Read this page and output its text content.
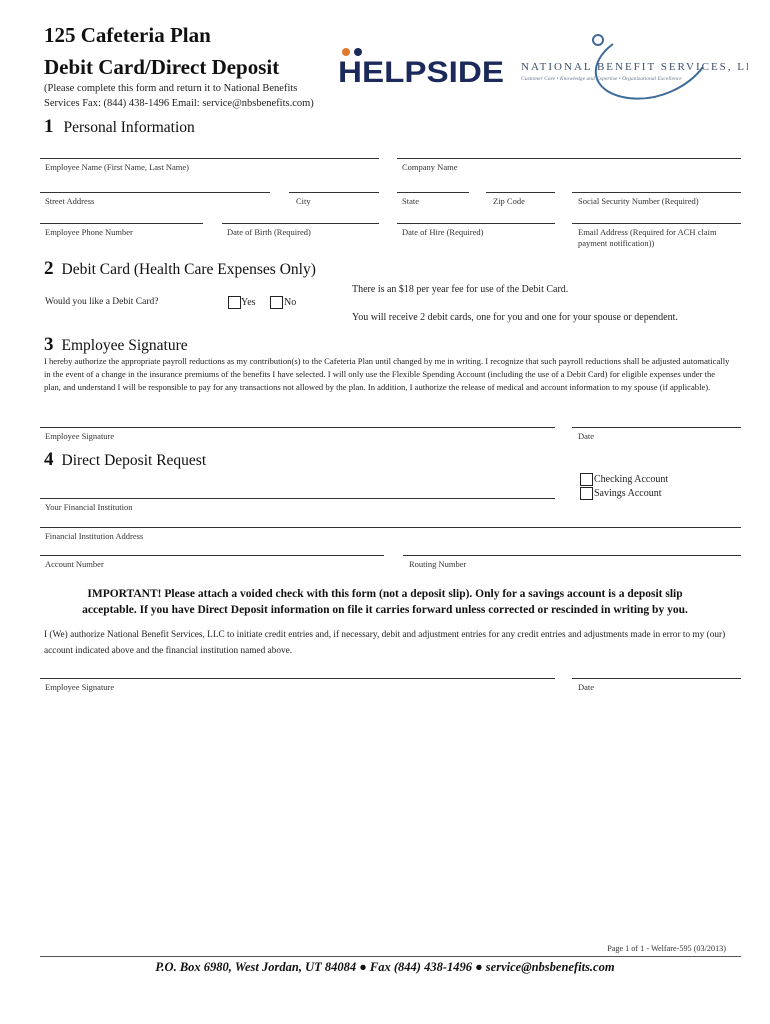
125 Cafeteria Plan
Debit Card/Direct Deposit
(Please complete this form and return it to National Benefits
Services Fax: (844) 438-1496 Email: service@nbsbenefits.com)
HELPSIDE NATIONAL BENEFIT SERVICES, LLC
Customer Care • Knowledge and Expertise • Organizational Excellence
1 Personal Information
Employee Name (First Name, Last Name)	Company Name
Street Address	City	State	Zip Code	Social Security Number (Required)
Employee Phone Number	Date of Birth (Required)	Date of Hire (Required)	Email Address (Required for ACH claim
payment notification))
2 Debit Card (Health Care Expenses Only)
Would you like a Debit Card?	Yes	No
There is an $18 per year fee for use of the Debit Card.
You will receive 2 debit cards, one for you and one for your spouse or dependent.
3 Employee Signature
I hereby authorize the appropriate payroll reductions as my contribution(s) to the Cafeteria Plan until changed by me in writing. I recognize that such payroll reductions shall be adjusted automatically in the event of a change in the insurance premiums of the benefits I have selected. I will only use the Flexible Spending Account (including the use of a Debit Card) for eligible expenses under the plan, and understand I will be responsible to pay for any transactions not allowed by the plan. In addition, I authorize the release of medical and account information to my spouse (if applicable).
Employee Signature	Date
4 Direct Deposit Request
Checking Account
Savings Account
Your Financial Institution
Financial Institution Address
Account Number	Routing Number
IMPORTANT! Please attach a voided check with this form (not a deposit slip). Only for a savings account is a deposit slip
acceptable. If you have Direct Deposit information on file it carries forward unless corrected or rescinded in writing by you.
I (We) authorize National Benefit Services, LLC to initiate credit entries and, if necessary, debit and adjustment entries for any credit entries and adjustments made in error to my (our) account indicated above and the financial institution named above.
Employee Signature	Date
Page 1 of 1 - Welfare-595 (03/2013)
P.O. Box 6980, West Jordan, UT 84084 ● Fax (844) 438-1496 ● service@nbsbenefits.com
